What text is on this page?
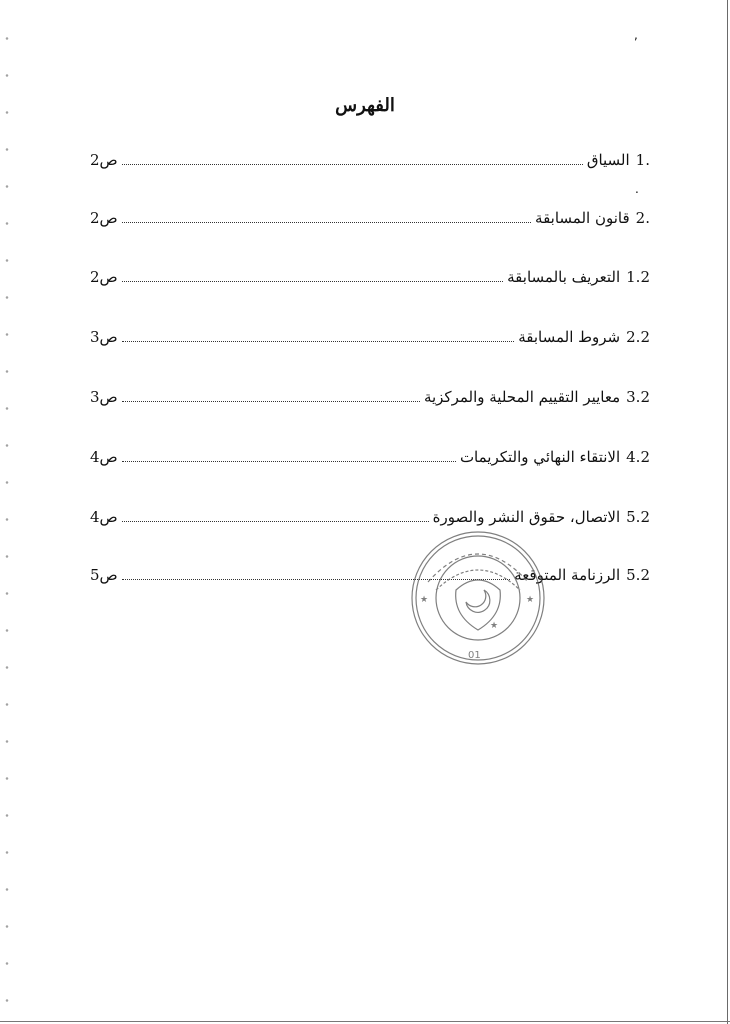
,
.
الفهرس
.1
السياق
ص2
.2
قانون المسابقة
ص2
1.2
التعريف بالمسابقة
ص2
2.2
شروط المسابقة
ص3
3.2
معايير التقييم المحلية والمركزية
ص3
4.2
الانتقاء النهائي والتكريمات
ص4
5.2
الاتصال، حقوق النشر والصورة
ص4
5.2
الرزنامة المتوقعة
ص5
★	★
★
01
